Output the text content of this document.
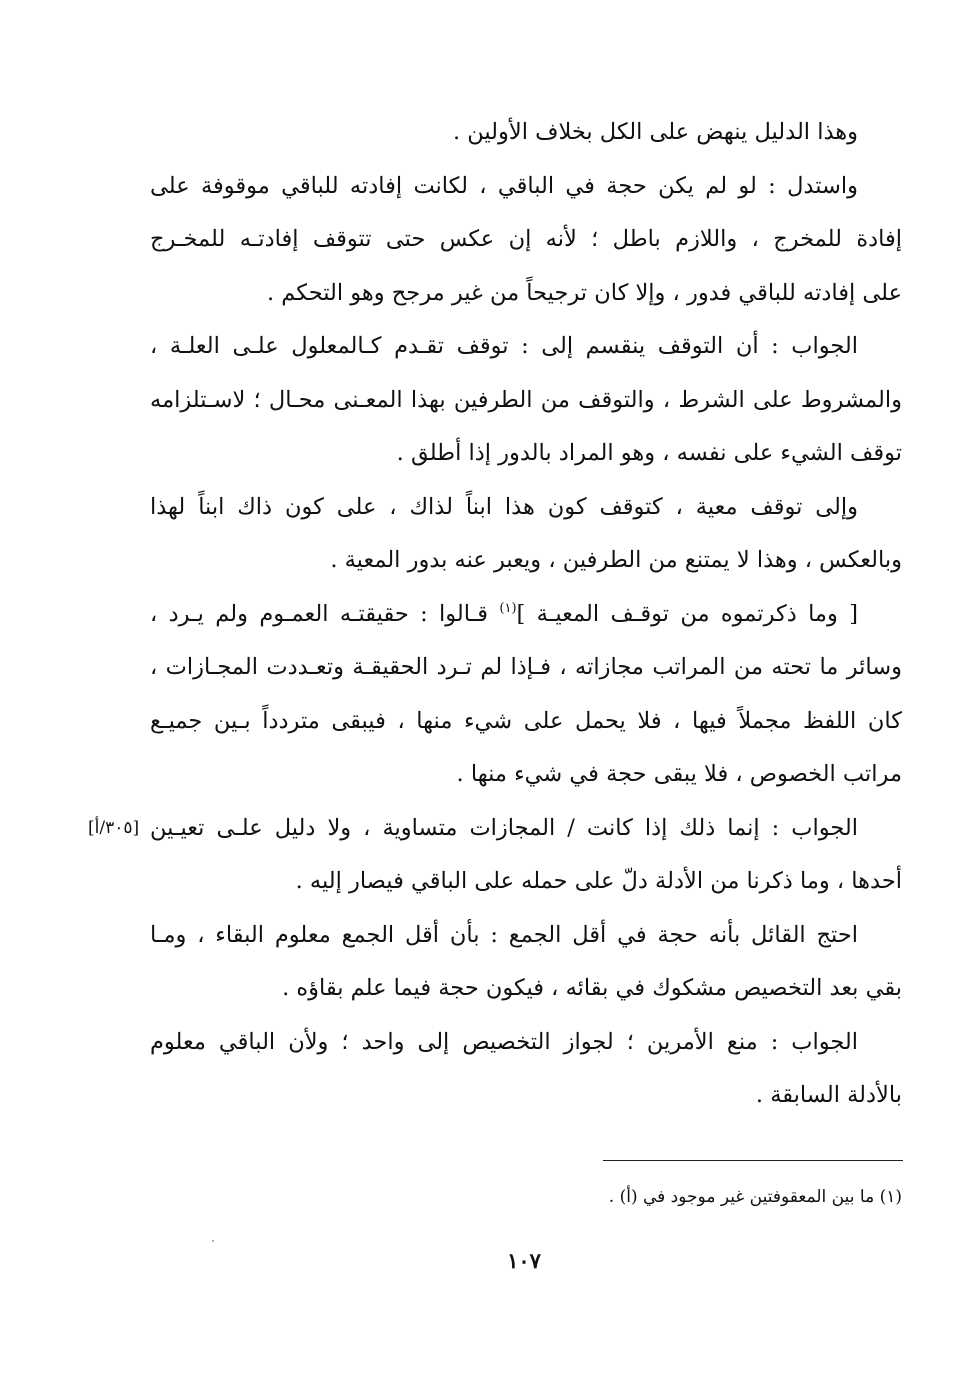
وهذا الدليل ينهض على الكل بخلاف الأولين .
واستدل : لو لم يكن حجة في الباقي ، لكانت إفادته للباقي موقوفة على
إفادة للمخرج ، واللازم باطل ؛ لأنه إن عكس حتى تتوقف إفادتـه للمخـرج
على إفادته للباقي فدور ، وإلا كان ترجيحاً من غير مرجح وهو التحكم .
الجواب : أن التوقف ينقسم إلى : توقف تقـدم كـالمعلول علـى العلـة ،
والمشروط على الشرط ، والتوقف من الطرفين بهذا المعـنى محـال ؛ لاسـتلزامه
توقف الشيء على نفسه ، وهو المراد بالدور إذا أطلق .
وإلى توقف معية ، كتوقف كون هذا ابناً لذاك ، على كون ذاك ابناً لهذا
وبالعكس ، وهذا لا يمتنع من الطرفين ، ويعبر عنه بدور المعية .
[ وما ذكرتموه من توقـف المعيـة ]$^{(١)}$ قـالوا : حقيقتـه العمـوم ولم يـرد ،
وسائر ما تحته من المراتب مجازاته ، فـإذا لم تـرد الحقيقـة وتعـددت المجـازات ،
كان اللفظ مجملاً فيها ، فلا يحمل على شيء منها ، فيبقى متردداً بـين جميـع
مراتب الخصوص ، فلا يبقى حجة في شيء منها .
الجواب : إنما ذلك إذا كانت / المجازات متساوية ، ولا دليل علـى تعيـين
[٣٠٥/أ]
أحدها ، وما ذكرنا من الأدلة دلّ على حمله على الباقي فيصار إليه .
احتج القائل بأنه حجة في أقل الجمع : بأن أقل الجمع معلوم البقاء ، ومـا
بقي بعد التخصيص مشكوك في بقائه ، فيكون حجة فيما علم بقاؤه .
الجواب : منع الأمرين ؛ لجواز التخصيص إلى واحد ؛ ولأن الباقي معلوم
بالأدلة السابقة .
(١) ما بين المعقوفتين غير موجود في (أ) .
١٠٧
